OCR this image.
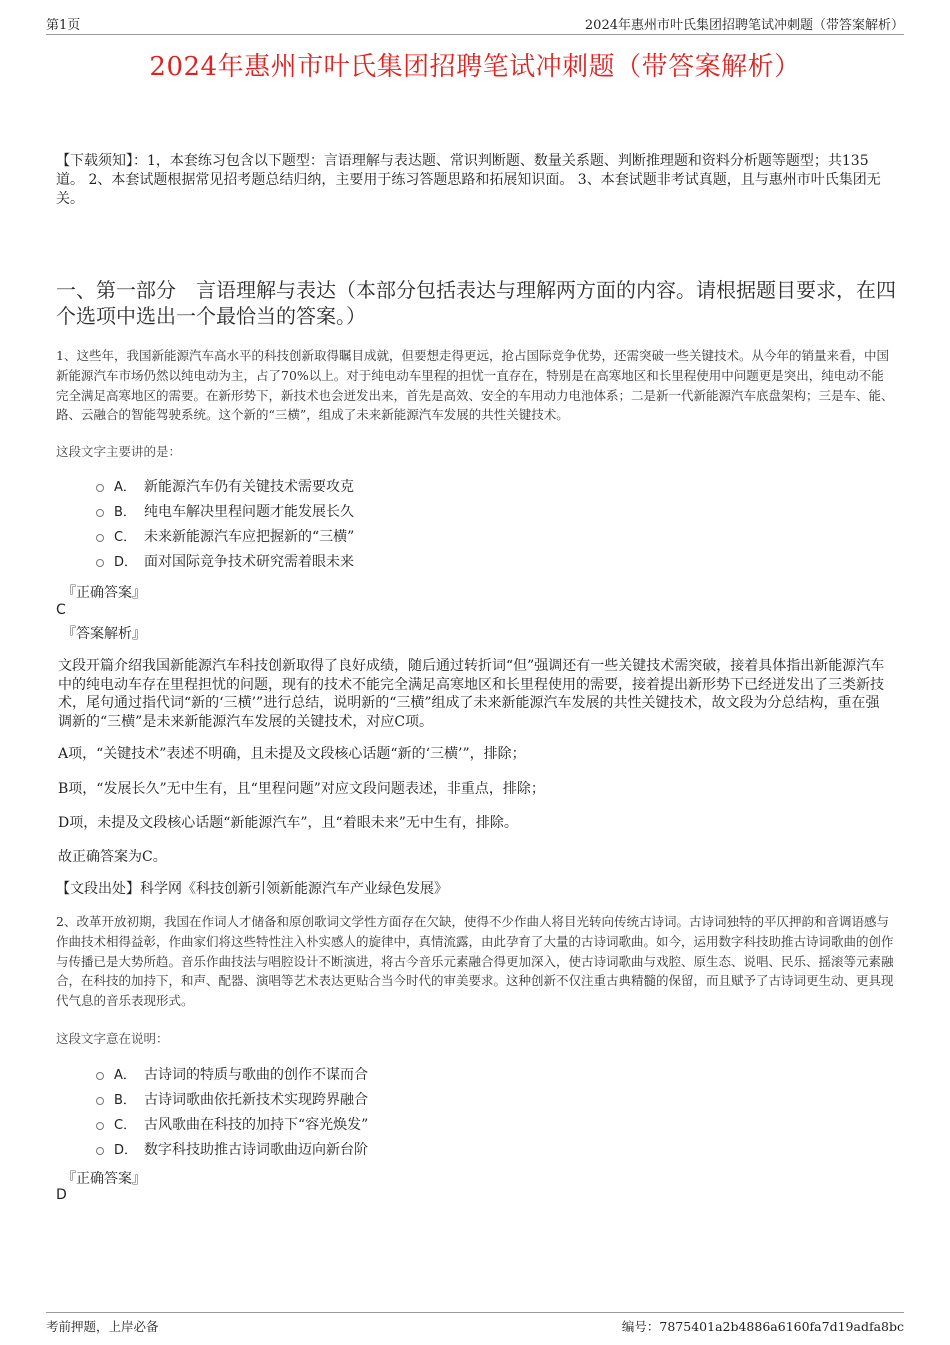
第1页	2024年惠州市叶氏集团招聘笔试冲刺题（带答案解析）
2024年惠州市叶氏集团招聘笔试冲刺题（带答案解析）
【下载须知】：1，本套练习包含以下题型：言语理解与表达题、常识判断题、数量关系题、判断推理题和资料分析题等题型；共135道。 2、本套试题根据常见招考题总结归纳，主要用于练习答题思路和拓展知识面。 3、本套试题非考试真题，且与惠州市叶氏集团无关。
一、第一部分　言语理解与表达（本部分包括表达与理解两方面的内容。请根据题目要求，在四个选项中选出一个最恰当的答案。）
1、这些年，我国新能源汽车高水平的科技创新取得瞩目成就，但要想走得更远，抢占国际竞争优势，还需突破一些关键技术。从今年的销量来看，中国新能源汽车市场仍然以纯电动为主，占了70%以上。对于纯电动车里程的担忧一直存在，特别是在高寒地区和长里程使用中问题更是突出，纯电动不能完全满足高寒地区的需要。在新形势下，新技术也会迸发出来，首先是高效、安全的车用动力电池体系；二是新一代新能源汽车底盘架构；三是车、能、路、云融合的智能驾驶系统。这个新的“三横”，组成了未来新能源汽车发展的共性关键技术。
这段文字主要讲的是：
A． 新能源汽车仍有关键技术需要攻克
B． 纯电车解决里程问题才能发展长久
C． 未来新能源汽车应把握新的“三横”
D． 面对国际竞争技术研究需着眼未来
『正确答案』
C
『答案解析』
文段开篇介绍我国新能源汽车科技创新取得了良好成绩，随后通过转折词“但”强调还有一些关键技术需突破，接着具体指出新能源汽车中的纯电动车存在里程担忧的问题，现有的技术不能完全满足高寒地区和长里程使用的需要，接着提出新形势下已经迸发出了三类新技术，尾句通过指代词“新的‘三横’”进行总结，说明新的“三横”组成了未来新能源汽车发展的共性关键技术，故文段为分总结构，重在强调新的“三横”是未来新能源汽车发展的关键技术，对应C项。
A项，“关键技术”表述不明确，且未提及文段核心话题“新的‘三横’”，排除；
B项，“发展长久”无中生有，且“里程问题”对应文段问题表述，非重点，排除；
D项，未提及文段核心话题“新能源汽车”，且“着眼未来”无中生有，排除。
故正确答案为C。
【文段出处】科学网《科技创新引领新能源汽车产业绿色发展》
2、改革开放初期，我国在作词人才储备和原创歌词文学性方面存在欠缺，使得不少作曲人将目光转向传统古诗词。古诗词独特的平仄押韵和音调语感与作曲技术相得益彰，作曲家们将这些特性注入朴实感人的旋律中，真情流露，由此孕育了大量的古诗词歌曲。如今，运用数字科技助推古诗词歌曲的创作与传播已是大势所趋。音乐作曲技法与唱腔设计不断演进，将古今音乐元素融合得更加深入，使古诗词歌曲与戏腔、原生态、说唱、民乐、摇滚等元素融合，在科技的加持下，和声、配器、演唱等艺术表达更贴合当今时代的审美要求。这种创新不仅注重古典精髓的保留，而且赋予了古诗词更生动、更具现代气息的音乐表现形式。
这段文字意在说明：
A． 古诗词的特质与歌曲的创作不谋而合
B． 古诗词歌曲依托新技术实现跨界融合
C． 古风歌曲在科技的加持下“容光焕发”
D． 数字科技助推古诗词歌曲迈向新台阶
『正确答案』
D
考前押题，上岸必备	编号：7875401a2b4886a6160fa7d19adfa8bc
